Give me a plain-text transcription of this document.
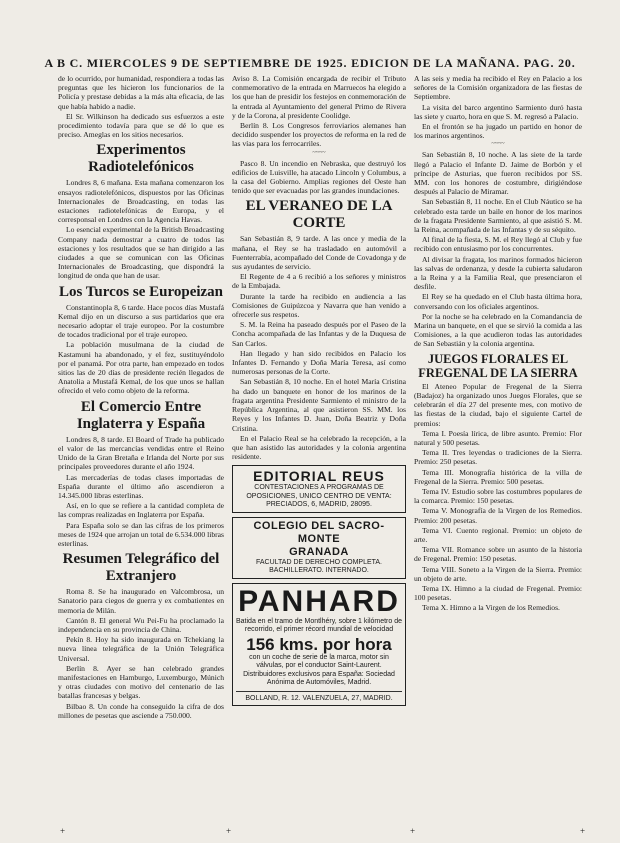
A B C. MIERCOLES 9 DE SEPTIEMBRE DE 1925. EDICION DE LA MAÑANA. PAG. 20.

de lo ocurrido, por humanidad, respondiera a todas las preguntas que les hicieron los funcionarios de la Policía y prestase debidas a la más alta eficacia, de las que había habido a nadie.

El Sr. Wilkinson ha dedicado sus esfuerzos a este procedimiento todavía para que se dé lo que es preciso. Ameglas en los sitios necesarios.

Experimentos Radiotelefónicos

Londres 8, 6 mañana. Esta mañana comenzaron los ensayos radiotelefónicos, dispuestos por las Oficinas Internacionales de Broadcasting, en todas las estaciones radiotelefónicas de Europa, y el corresponsal en Londres con la Agencia Havas.

Lo esencial experimental de la British Broadcasting Company nada demostrar a cuatro de todos las estaciones y los resultados que se han dirigido a las ciudades a que se comunican con las Oficinas Internacionales de Broadcasting, que dispondrá la longitud de onda que han de usar.

Los Turcos se Europeizan

Constantinopla 8, 6 tarde. Hace pocos días Mustafá Kemal dijo en un discurso a sus partidarios que era necesario adoptar el traje europeo. Por la costumbre de tocados tradicional por el traje europeo.

La población musulmana de la ciudad de Kastamuni ha abandonado, y el fez, sustituyéndolo por el panamá. Por otra parte, han empezado en todos sitios las de 20 días de presidente recién llegados de Anatolia a Mustafá Kemal, de los que unos se hallan ofrecido el velo como objeto de la reforma.

El Comercio Entre Inglaterra y España

Londres 8, 8 tarde. El Board of Trade ha publicado el valor de las mercancías vendidas entre el Reino Unido de la Gran Bretaña e Irlanda del Norte por sus principales proveedores durante el año 1924.

Las mercaderías de todas clases importadas de España durante el último año ascendieron a 14.345.000 libras esterlinas.

Así, en lo que se refiere a la cantidad completa de las compras realizadas en Inglaterra por España.

Para España solo se dan las cifras de los primeros meses de 1924 que arrojan un total de 6.534.000 libras esterlinas.

Resumen Telegráfico del Extranjero

Roma 8. Se ha inaugurado en Valcombrosa, un Sanatorio para ciegos de guerra y ex combatientes en memoria de Milán.

Cantón 8. El general Wu Pei-Fu ha proclamado la independencia en su provincia de China.

Pekín 8. Hoy ha sido inaugurada en Tchekiang la nueva línea telegráfica de la Unión Telegráfica Universal.

Berlín 8. Ayer se han celebrado grandes manifestaciones en Hamburgo, Luxemburgo, Múnich y otras ciudades con motivo del centenario de las batallas francesas y belgas.

Bilbao 8. Un conde ha conseguido la cifra de dos millones de pesetas que asciende a 750.000.

Aviso 8. La Comisión encargada de recibir el Tributo conmemorativo de la entrada en Marruecos ha elegido a los que han de presidir los festejos en conmemoración de la entrada al Ayuntamiento del general Primo de Rivera y de la Corona, al presidente Coolidge.

Berlín 8. Los Congresos ferroviarios alemanes han decidido suspender los proyectos de reforma en la red de las vías para los ferrocarriles.

~~~~

Pasco 8. Un incendio en Nebraska, que destruyó los edificios de Luisville, ha atacado Lincoln y Columbus, a la casa del Gobierno. Amplias regiones del Oeste han tenido que ser evacuadas por las grandes inundaciones.

EL VERANEO DE LA CORTE

San Sebastián 8, 9 tarde. A las once y media de la mañana, el Rey se ha trasladado en automóvil a Fuenterrabía, acompañado del Conde de Covadonga y de sus ayudantes de servicio.

El Regente de 4 a 6 recibió a los señores y ministros de la Embajada.

Durante la tarde ha recibido en audiencia a las Comisiones de Guipúzcoa y Navarra que han venido a ofrecerle sus respetos.

S. M. la Reina ha paseado después por el Paseo de la Concha acompañada de las Infantas y de la Duquesa de San Carlos.

Han llegado y han sido recibidos en Palacio los Infantes D. Fernando y Doña María Teresa, así como numerosas personas de la Corte.

San Sebastián 8, 10 noche. En el hotel María Cristina ha dado un banquete en honor de los marinos de la fragata argentina Presidente Sarmiento el ministro de la República Argentina, al que asistieron SS. MM. los Reyes y los Infantes D. Juan, Doña Beatriz y Doña Cristina.

En el Palacio Real se ha celebrado la recepción, a la que han asistido las autoridades y la colonia argentina residente.

EDITORIAL REUS
CONTESTACIONES A PROGRAMAS DE OPOSICIONES, UNICO CENTRO DE VENTA: PRECIADOS, 6, MADRID, 28095.
COLEGIO DEL SACRO-MONTE
GRANADA
FACULTAD DE DERECHO COMPLETA. BACHILLERATO. INTERNADO.
PANHARD
Batida en el tramo de Montlhéry, sobre 1 kilómetro de recorrido, el primer récord mundial de velocidad
156 kms. por hora
con un coche de serie de la marca, motor sin válvulas, por el conductor Saint-Laurent. Distribuidores exclusivos para España: Sociedad Anónima de Automóviles, Madrid.
BOLLAND, R. 12. VALENZUELA, 27, MADRID.

A las seis y media ha recibido el Rey en Palacio a los señores de la Comisión organizadora de las fiestas de Septiembre.

La visita del barco argentino Sarmiento duró hasta las siete y cuarto, hora en que S. M. regresó a Palacio.

En el frontón se ha jugado un partido en honor de los marinos argentinos.

~~~~

San Sebastián 8, 10 noche. A las siete de la tarde llegó a Palacio el Infante D. Jaime de Borbón y el príncipe de Asturias, que fueron recibidos por SS. MM. con los honores de costumbre, dirigiéndose después al Palacio de Miramar.

San Sebastián 8, 11 noche. En el Club Náutico se ha celebrado esta tarde un baile en honor de los marinos de la fragata Presidente Sarmiento, al que asistió S. M. la Reina, acompañada de las Infantas y de su séquito.

Al final de la fiesta, S. M. el Rey llegó al Club y fue recibido con entusiasmo por los concurrentes.

Al divisar la fragata, los marinos formados hicieron las salvas de ordenanza, y desde la cubierta saludaron a la Reina y a la Familia Real, que presenciaron el desfile.

El Rey se ha quedado en el Club hasta última hora, conversando con los oficiales argentinos.

Por la noche se ha celebrado en la Comandancia de Marina un banquete, en el que se sirvió la comida a las Comisiones, a la que acudieron todas las autoridades de San Sebastián y la colonia argentina.

JUEGOS FLORALES EL FREGENAL DE LA SIERRA

El Ateneo Popular de Fregenal de la Sierra (Badajoz) ha organizado unos Juegos Florales, que se celebrarán el día 27 del presente mes, con motivo de las fiestas de la ciudad, bajo el siguiente Cartel de premios:

Tema I. Poesía lírica, de libre asunto. Premio: Flor natural y 500 pesetas.

Tema II. Tres leyendas o tradiciones de la Sierra. Premio: 250 pesetas.

Tema III. Monografía histórica de la villa de Fregenal de la Sierra. Premio: 500 pesetas.

Tema IV. Estudio sobre las costumbres populares de la comarca. Premio: 150 pesetas.

Tema V. Monografía de la Virgen de los Remedios. Premio: 200 pesetas.

Tema VI. Cuento regional. Premio: un objeto de arte.

Tema VII. Romance sobre un asunto de la historia de Fregenal. Premio: 150 pesetas.

Tema VIII. Soneto a la Virgen de la Sierra. Premio: un objeto de arte.

Tema IX. Himno a la ciudad de Fregenal. Premio: 100 pesetas.

Tema X. Himno a la Virgen de los Remedios.

+	+	+	+
